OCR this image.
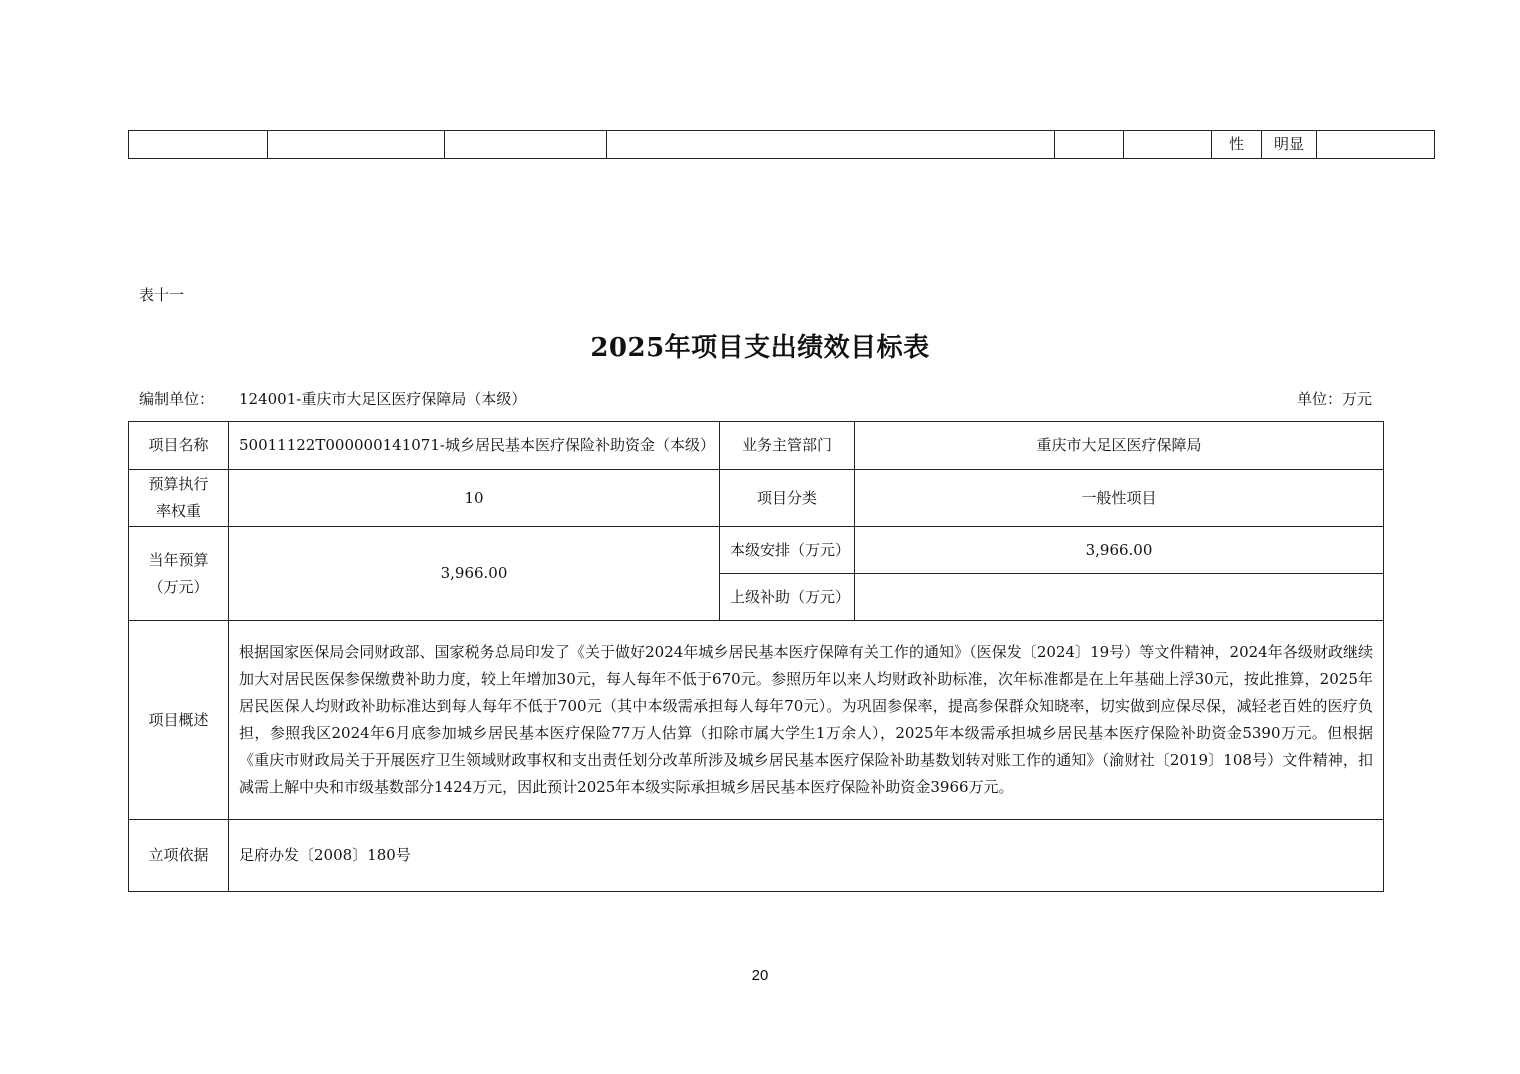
						性	明显	
表十一
2025年项目支出绩效目标表
编制单位： 124001-重庆市大足区医疗保障局（本级）	单位：万元
项目名称	50011122T000000141071-城乡居民基本医疗保险补助资金（本级）	业务主管部门	重庆市大足区医疗保障局

预算执行
率权重	10	项目分类	一般性项目

当年预算
（万元）	3,966.00	本级安排（万元）	3,966.00
		上级补助（万元）	
项目概述	根据国家医保局会同财政部、国家税务总局印发了《关于做好2024年城乡居民基本医疗保障有关工作的通知》（医保发〔2024〕19号）等文件精神，2024年各级财政继续加大对居民医保参保缴费补助力度，较上年增加30元，每人每年不低于670元。参照历年以来人均财政补助标准，次年标准都是在上年基础上浮30元，按此推算，2025年居民医保人均财政补助标准达到每人每年不低于700元（其中本级需承担每人每年70元）。为巩固参保率，提高参保群众知晓率，切实做到应保尽保，减轻老百姓的医疗负担，参照我区2024年6月底参加城乡居民基本医疗保险77万人估算（扣除市属大学生1万余人），2025年本级需承担城乡居民基本医疗保险补助资金5390万元。但根据《重庆市财政局关于开展医疗卫生领域财政事权和支出责任划分改革所涉及城乡居民基本医疗保险补助基数划转对账工作的通知》（渝财社〔2019〕108号）文件精神，扣减需上解中央和市级基数部分1424万元，因此预计2025年本级实际承担城乡居民基本医疗保险补助资金3966万元。		
立项依据	足府办发〔2008〕180号		
20
